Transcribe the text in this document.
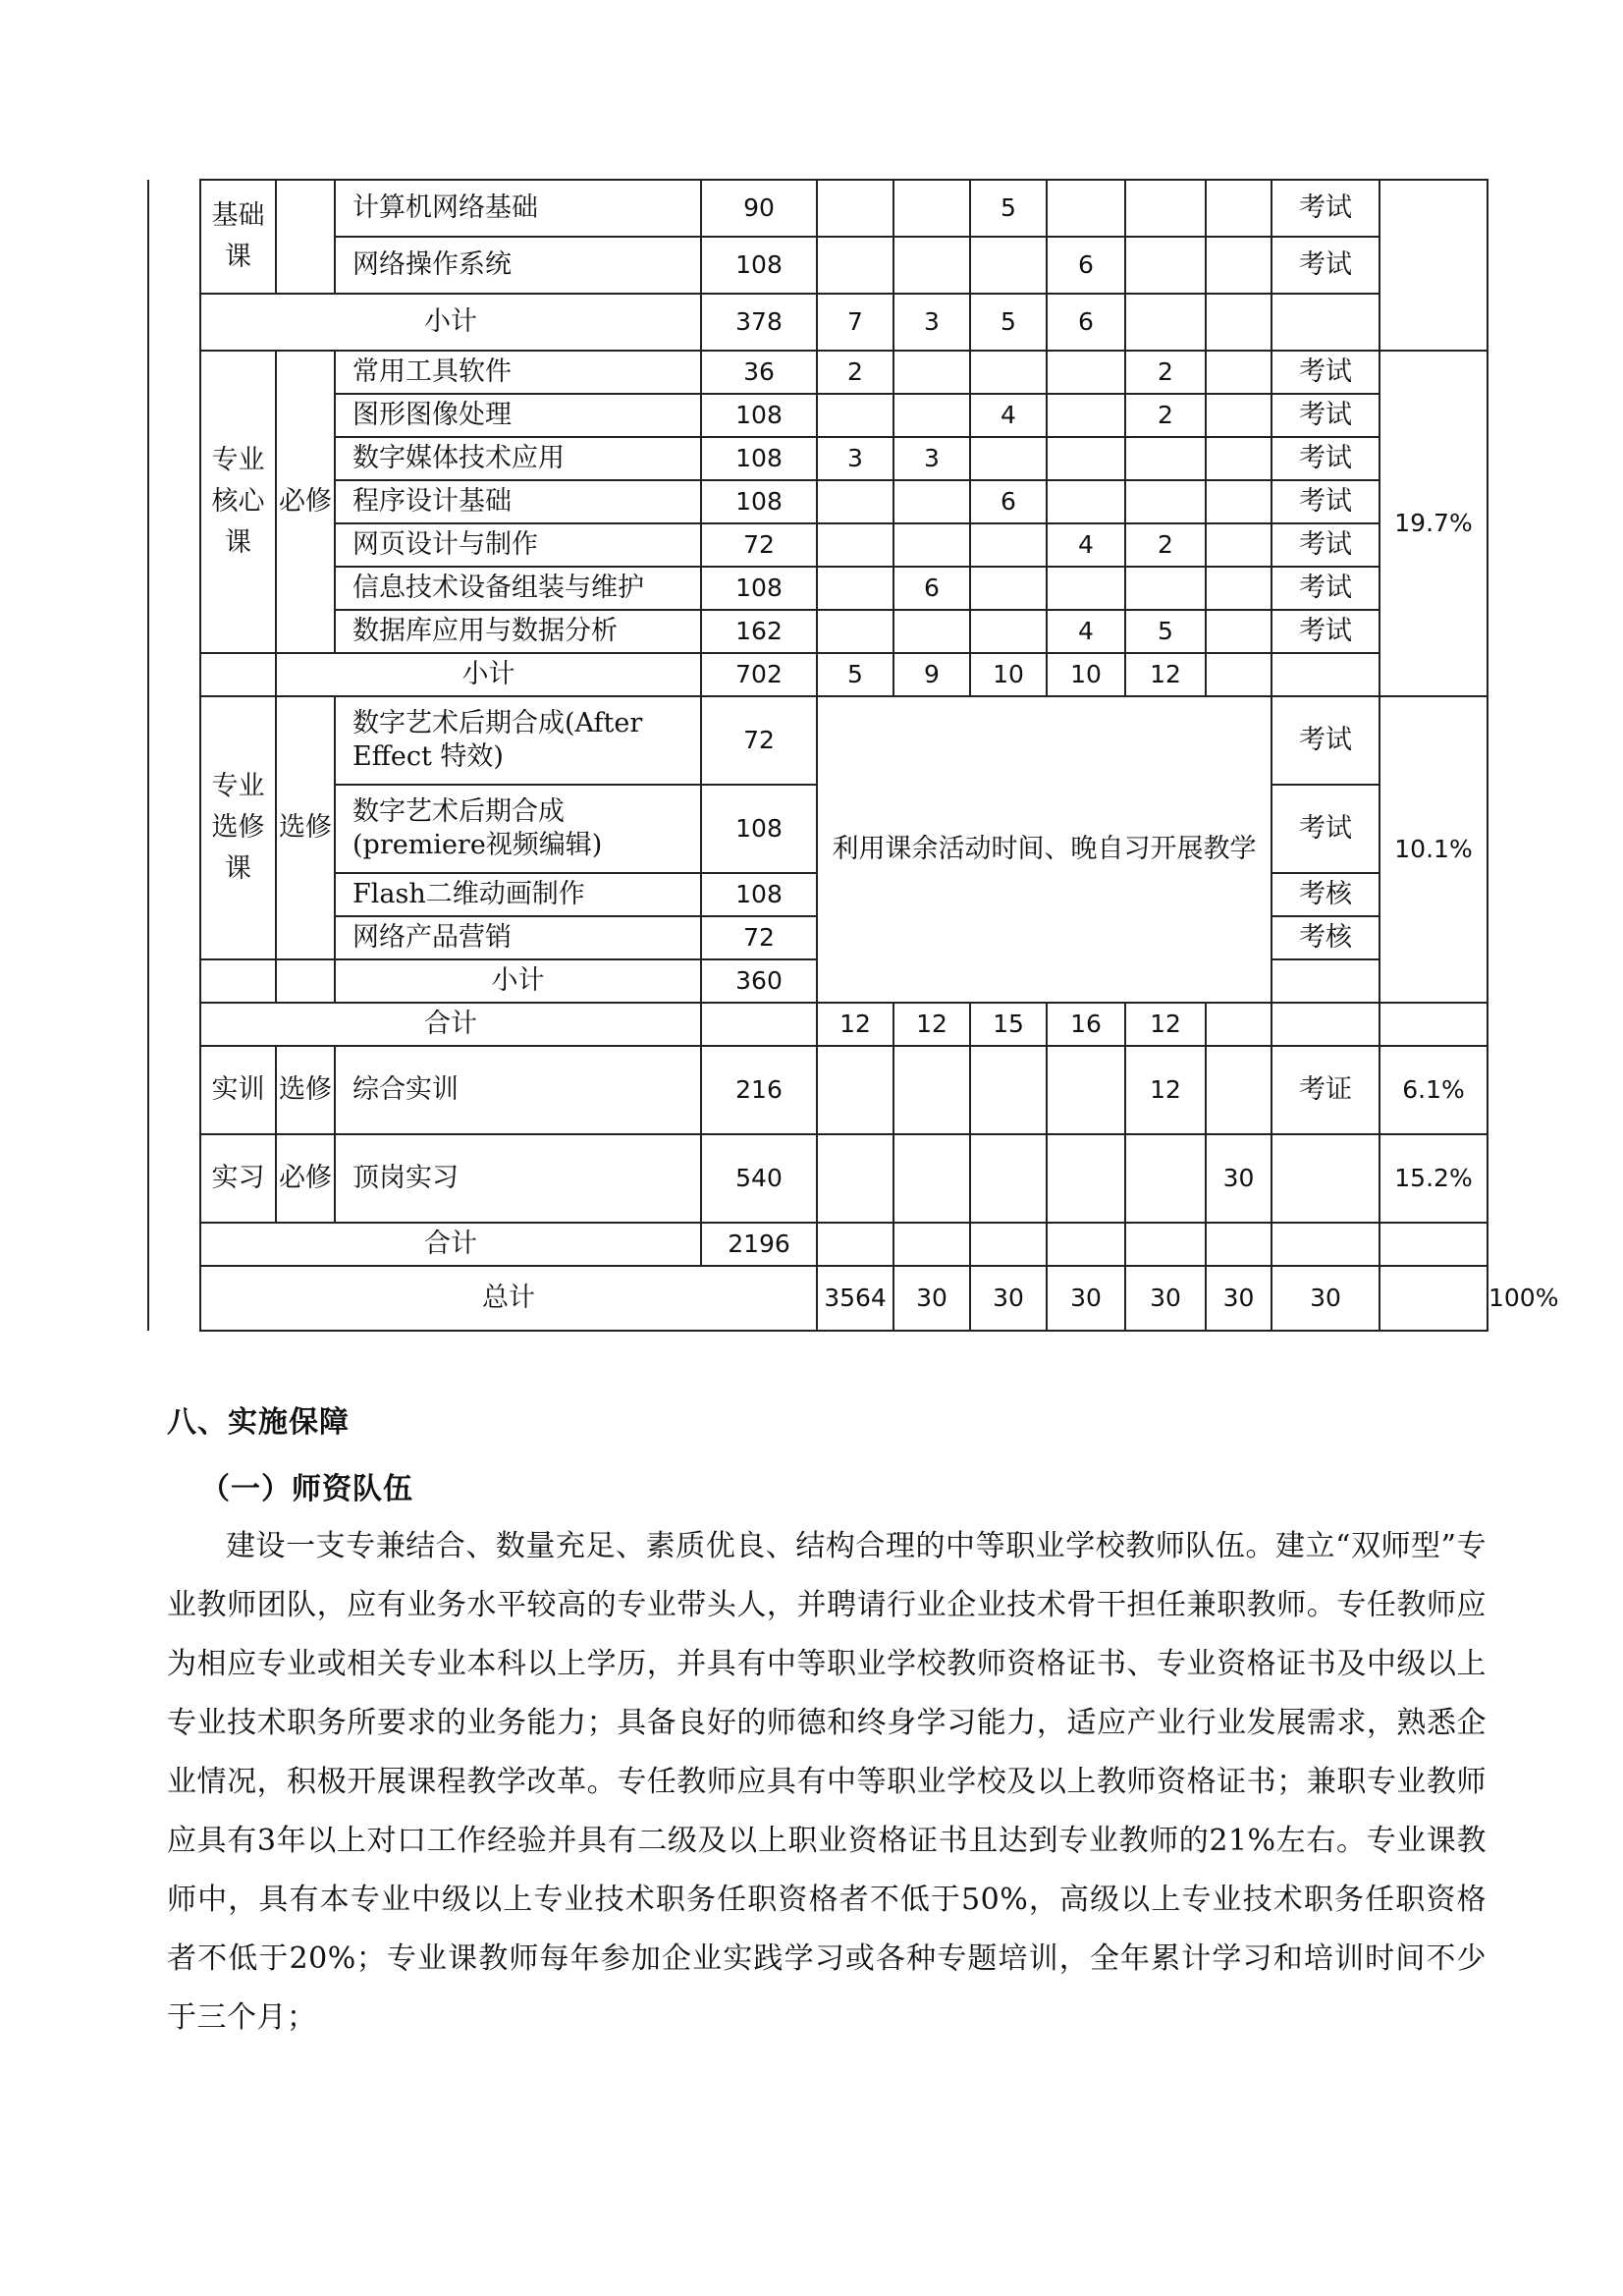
	基础课		计算机网络基础	90			5				考试		
			网络操作系统	108				6			考试		
	小计			378	7	3	5	6					
	专业核心课	必修	常用工具软件	36	2				2		考试	19.7%	
			图形图像处理	108			4		2		考试		
			数字媒体技术应用	108	3	3					考试		
			程序设计基础	108			6				考试		
			网页设计与制作	72				4	2		考试		
			信息技术设备组装与维护	108		6					考试		
			数据库应用与数据分析	162				4	5		考试		
		小计		702	5	9	10	10	12				
	专业选修课	选修	数字艺术后期合成(After Effect 特效)	72	利用课余活动时间、晚自习开展教学						考试	10.1%	
			数字艺术后期合成(premiere视频编辑)	108							考试		
			Flash二维动画制作	108							考核		
			网络产品营销	72							考核		
			小计	360									
	合计				12	12	15	16	12				
	实训	选修	综合实训	216					12		考证	6.1%	
	实习	必修	顶岗实习	540						30		15.2%	
	合计			2196									
	总计				3564	30	30	30	30	30	30		100%
八、实施保障
（一）师资队伍

建设一支专兼结合、数量充足、素质优良、结构合理的中等职业学校教师队伍。建立“双师型”专业教师团队，应有业务水平较高的专业带头人，并聘请行业企业技术骨干担任兼职教师。专任教师应为相应专业或相关专业本科以上学历，并具有中等职业学校教师资格证书、专业资格证书及中级以上专业技术职务所要求的业务能力；具备良好的师德和终身学习能力，适应产业行业发展需求，熟悉企业情况，积极开展课程教学改革。专任教师应具有中等职业学校及以上教师资格证书；兼职专业教师应具有3年以上对口工作经验并具有二级及以上职业资格证书且达到专业教师的21%左右。专业课教师中，具有本专业中级以上专业技术职务任职资格者不低于50%，高级以上专业技术职务任职资格者不低于20%；专业课教师每年参加企业实践学习或各种专题培训，全年累计学习和培训时间不少于三个月；
